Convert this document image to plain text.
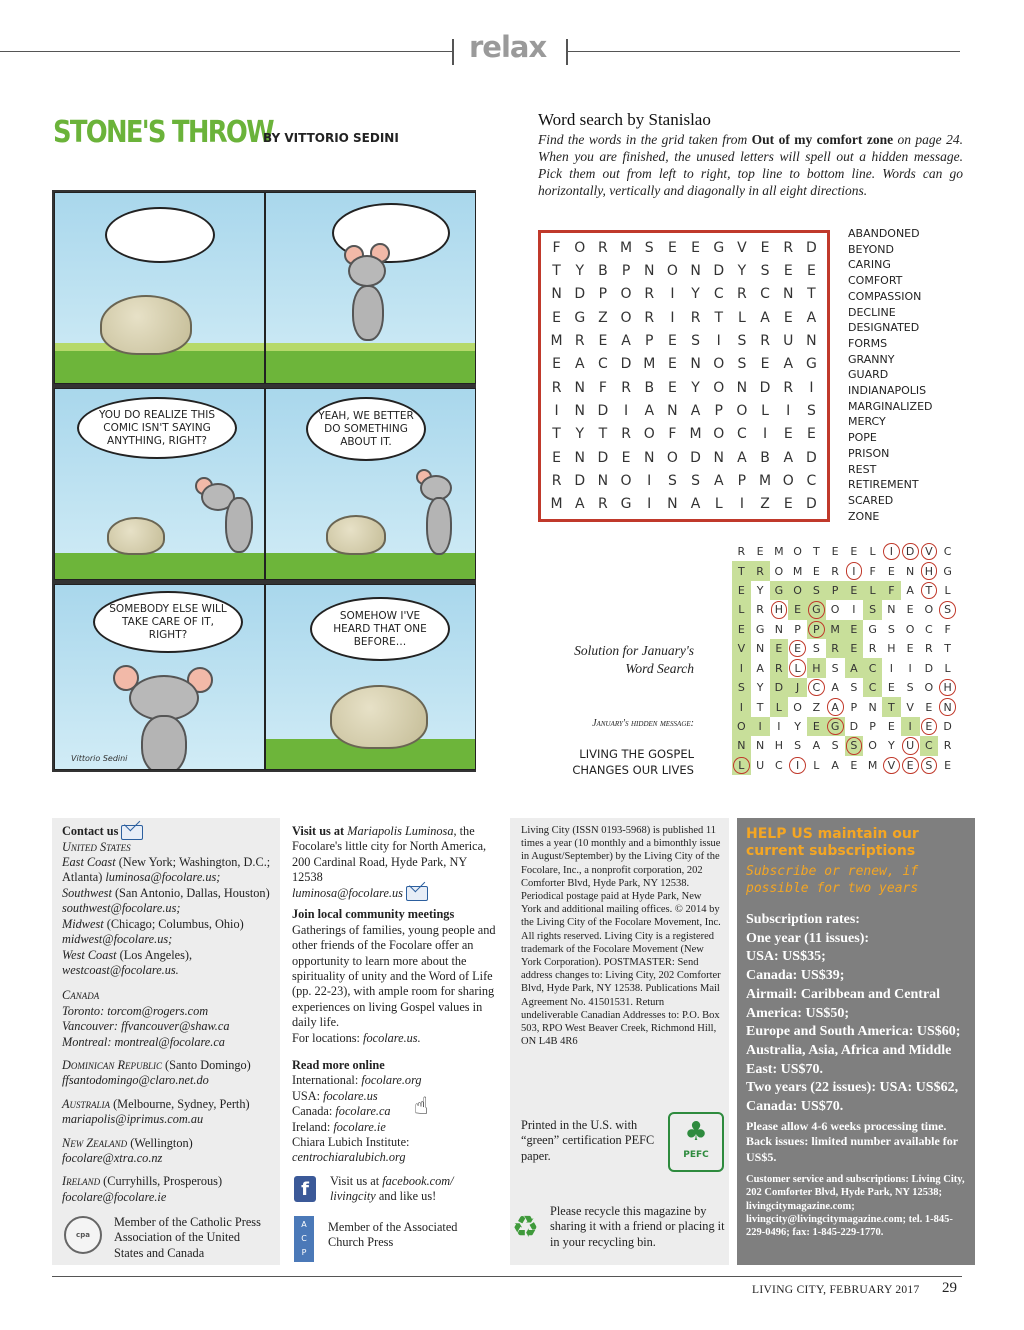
relax
STONE'S THROW
BY VITTORIO SEDINI
YOU DO REALIZE THIS COMIC ISN'T SAYING ANYTHING, RIGHT?
YEAH, WE BETTER DO SOMETHING ABOUT IT.
SOMEBODY ELSE WILL TAKE CARE OF IT, RIGHT?
Vittorio Sedini
SOMEHOW I'VE HEARD THAT ONE BEFORE…
Word search by Stanislao
Find the words in the grid taken from Out of my comfort zone on page 24. When you are finished, the unused letters will spell out a hidden message. Pick them out from left to right, top line to bottom line. Words can go horizontally, vertically and diagonally in all eight directions.
F O R M S	E	E G V E R D
T	Y	B	P N O N D Y	S	E	E
N D P O R	I	Y	C R C N T
E G Z O R	I	R	T	L	A E A
M R E A	P	E	S	I	S R U N
E A C D M E N O S	E A G
R N F	R B E	Y O N D R	I
I	N D	I	A N A	P O L	I	S
T	Y	T	R O F M O C	I	E	E
E N D E N O D N A B A D
R D N O	I	S	S A	P M O C
M A R G	I	N A	L	I	Z E D
ABANDONED
BEYOND
CARING
COMFORT
COMPASSION
DECLINE
DESIGNATED
FORMS
GRANNY
GUARD
INDIANAPOLIS
MARGINALIZED
MERCY
POPE
PRISON
REST
RETIREMENT
SCARED
ZONE
Solution for January's Word Search
January's hidden message:
LIVING THE GOSPEL CHANGES OUR LIVES
R	E M O	T	E	E	L	I	D V	C
T	R O M E	R	I	F	E	N H G
E	Y	G O S	P	E	L	F	A	T	L
L	R H	E	G O	I	S	N	E O S
E	G N	P	P M E	G S O C	F
V N	E	E	S	R	E	R H	E	R	T
I	A	R	L	H	S	A	C	I	I	D	L
S	Y	D	J	C	A	S	C	E	S O H
I	T	L	O Z	A	P	N	T	V	E	N
O	I	I	Y	E	G D	P	E	I	E	D
N N H	S	A	S	S O	Y	U C	R
L	U C	I	L	A	E M V	E	S	E
Contact us
United States
East Coast (New York; Washington, D.C.; Atlanta) luminosa@focolare.us;
Southwest (San Antonio, Dallas, Houston) southwest@focolare.us;
Midwest (Chicago; Columbus, Ohio) midwest@focolare.us;
West Coast (Los Angeles), westcoast@focolare.us.
Canada
Toronto: torcom@rogers.com
Vancouver: ffvancouver@shaw.ca
Montreal: montreal@focolare.ca
Dominican Republic (Santo Domingo)
ffsantodomingo@claro.net.do
Australia (Melbourne, Sydney, Perth)
mariapolis@iprimus.com.au
New Zealand (Wellington)
focolare@xtra.co.nz
Ireland (Curryhills, Prosperous)
focolare@focolare.ie
cpa
Member of the Catholic Press Association of the United States and Canada
Visit us at Mariapolis Luminosa, the Focolare's little city for North America, 200 Cardinal Road, Hyde Park, NY 12538
luminosa@focolare.us
Join local community meetings
Gatherings of families, young people and other friends of the Focolare offer an opportunity to learn more about the spirituality of unity and the Word of Life (pp. 22-23), with ample room for sharing experiences on living Gospel values in daily life.
For locations: focolare.us.
Read more online
International: focolare.org
USA: focolare.us
Canada: focolare.ca
Ireland: focolare.ie
Chiara Lubich Institute:
centrochiaralubich.org
☝
f	Visit us at facebook.com/ livingcity and like us!
A
C
P
Member of the Associated Church Press
Living City (ISSN 0193-5968) is published 11 times a year (10 monthly and a bimonthly issue in August/September) by the Living City of the Focolare, Inc., a nonprofit corporation, 202 Comforter Blvd, Hyde Park, NY 12538. Periodical postage paid at Hyde Park, New York and additional mailing offices. © 2014 by the Living City of the Focolare Movement, Inc. All rights reserved. Living City is a registered trademark of the Focolare Movement (New York Corporation). POSTMASTER: Send address changes to: Living City, 202 Comforter Blvd, Hyde Park, NY 12538. Publications Mail Agreement No. 41501531. Return undeliverable Canadian Addresses to: P.O. Box 503, RPO West Beaver Creek, Richmond Hill, ON L4B 4R6
Printed in the U.S. with “green” certification PEFC paper.
♣
PEFC
♻ Please recycle this magazine by sharing it with a friend or placing it in your recycling bin.
HELP US maintain our current subscriptions
Subscribe or renew, if possible for two years
Subscription rates:
One year (11 issues):
USA: US$35;
Canada: US$39;
Airmail: Caribbean and Central America: US$50;
Europe and South America: US$60;
Australia, Asia, Africa and Middle East: US$70.
Two years (22 issues): USA: US$62, Canada: US$70.
Please allow 4-6 weeks processing time. Back issues: limited number available for US$5.
Customer service and subscriptions: Living City, 202 Comforter Blvd, Hyde Park, NY 12538; livingcitymagazine.com; livingcity@livingcitymagazine.com; tel. 1-845-229-0496; fax: 1-845-229-1770.
LIVING CITY, FEBRUARY 2017 29
